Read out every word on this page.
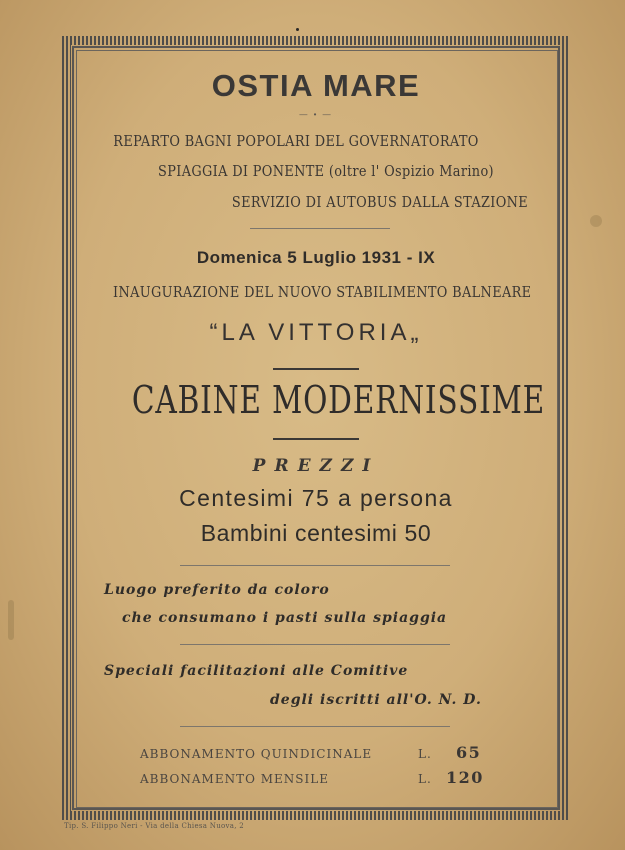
OSTIA MARE
— • —
REPARTO BAGNI POPOLARI DEL GOVERNATORATO
SPIAGGIA DI PONENTE (oltre l' Ospizio Marino)
SERVIZIO DI AUTOBUS DALLA STAZIONE
Domenica 5 Luglio 1931 - IX
INAUGURAZIONE DEL NUOVO STABILIMENTO BALNEARE
“LA VITTORIA„
CABINE MODERNISSIME
PREZZI
Centesimi 75 a persona
Bambini centesimi 50
Luogo preferito da coloro
che consumano i pasti sulla spiaggia
Speciali facilitazioni alle Comitive
degli iscritti all'O. N. D.
ABBONAMENTO QUINDICINALE	L. 65
ABBONAMENTO MENSILE	L. 120
Tip. S. Filippo Neri - Via della Chiesa Nuova, 2
